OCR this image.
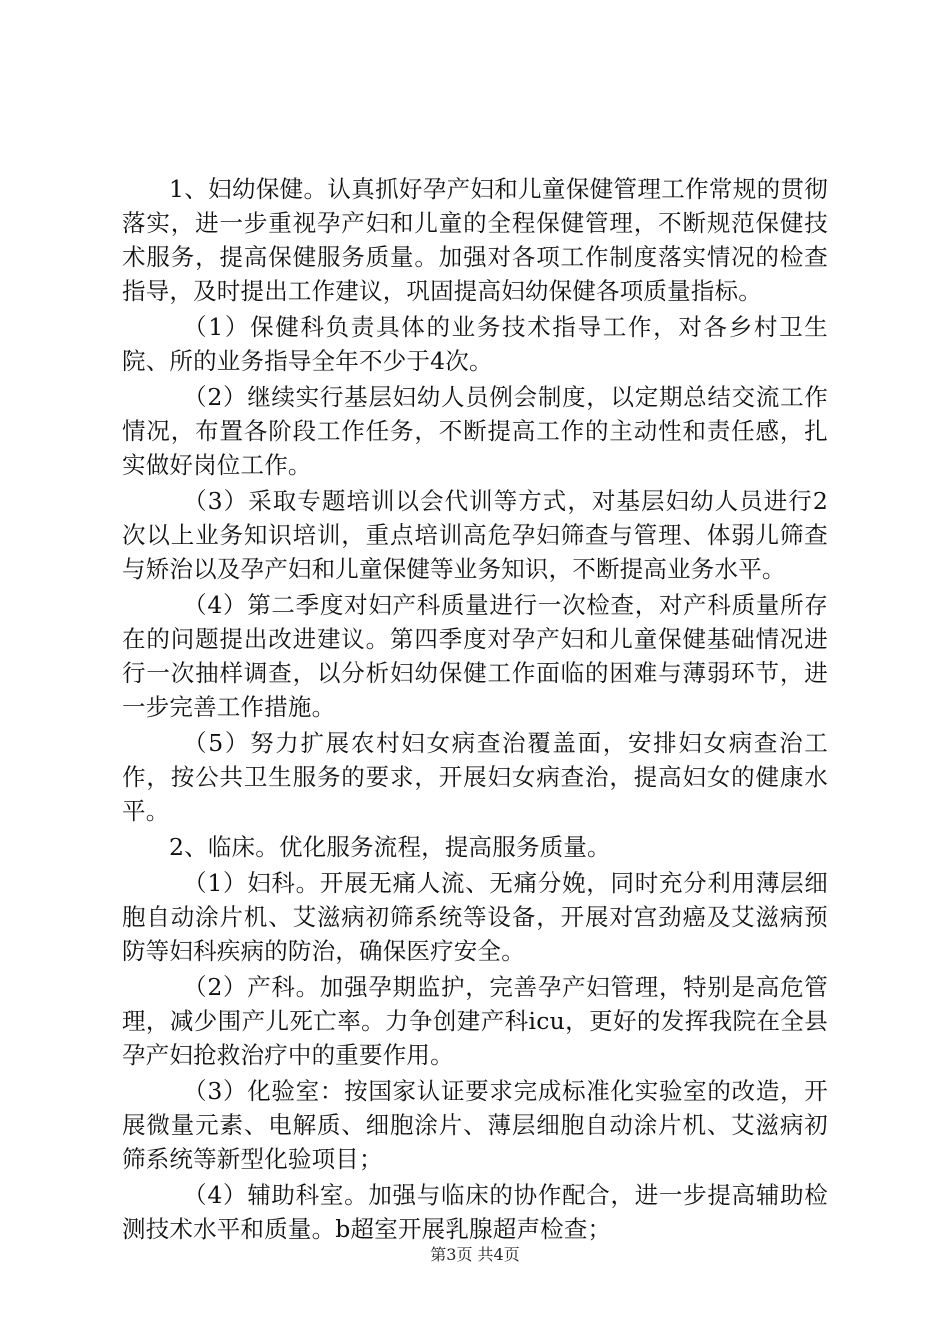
1、妇幼保健。认真抓好孕产妇和儿童保健管理工作常规的贯彻落实，进一步重视孕产妇和儿童的全程保健管理，不断规范保健技术服务，提高保健服务质量。加强对各项工作制度落实情况的检查指导，及时提出工作建议，巩固提高妇幼保健各项质量指标。

（1）保健科负责具体的业务技术指导工作，对各乡村卫生院、所的业务指导全年不少于4次。

（2）继续实行基层妇幼人员例会制度，以定期总结交流工作情况，布置各阶段工作任务，不断提高工作的主动性和责任感，扎实做好岗位工作。

（3）采取专题培训以会代训等方式，对基层妇幼人员进行2次以上业务知识培训，重点培训高危孕妇筛查与管理、体弱儿筛查与矫治以及孕产妇和儿童保健等业务知识，不断提高业务水平。

（4）第二季度对妇产科质量进行一次检查，对产科质量所存在的问题提出改进建议。第四季度对孕产妇和儿童保健基础情况进行一次抽样调查，以分析妇幼保健工作面临的困难与薄弱环节，进一步完善工作措施。

（5）努力扩展农村妇女病查治覆盖面，安排妇女病查治工作，按公共卫生服务的要求，开展妇女病查治，提高妇女的健康水平。

2、临床。优化服务流程，提高服务质量。

（1）妇科。开展无痛人流、无痛分娩，同时充分利用薄层细胞自动涂片机、艾滋病初筛系统等设备，开展对宫劲癌及艾滋病预防等妇科疾病的防治，确保医疗安全。

（2）产科。加强孕期监护，完善孕产妇管理，特别是高危管理，减少围产儿死亡率。力争创建产科icu，更好的发挥我院在全县孕产妇抢救治疗中的重要作用。

（3）化验室：按国家认证要求完成标准化实验室的改造，开展微量元素、电解质、细胞涂片、薄层细胞自动涂片机、艾滋病初筛系统等新型化验项目；

（4）辅助科室。加强与临床的协作配合，进一步提高辅助检测技术水平和质量。b超室开展乳腺超声检查；

第3页 共4页
